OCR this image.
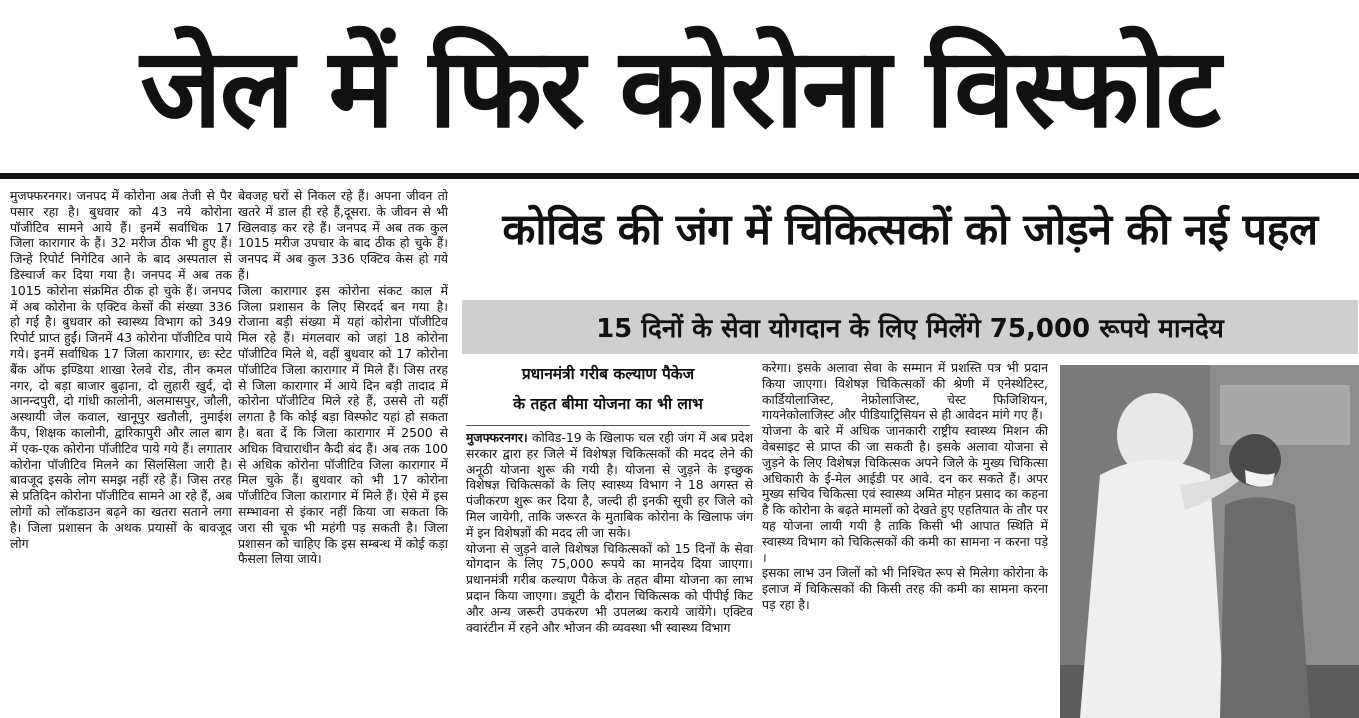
जेल में फिर कोरोना विस्फोट

मुजफ्फरनगर। जनपद में कोरोना अब तेजी से पैर पसार रहा है। बुधवार को 43 नये कोरोना पॉजीटिव सामने आये हैं। इनमें सर्वाधिक 17 जिला कारागार के हैं। 32 मरीज ठीक भी हुए हैं। जिन्हे रिपोर्ट निगेटिव आने के बाद अस्पताल से डिस्चार्ज कर दिया गया है। जनपद में अब तक 1015 कोरोना संक्रमित ठीक हो चुके हैं। जनपद में अब कोरोना के एक्टिव केसों की संख्या 336 हो गई है। बुधवार को स्वास्थ्य विभाग को 349 रिपोर्ट प्राप्त हुईं। जिनमें 43 कोरोना पॉजीटिव पाये गये। इनमें सर्वाधिक 17 जिला कारागार, छः स्टेट बैंक ऑफ इण्डिया शाखा रेलवे रोड, तीन कमल नगर, दो बड़ा बाजार बुढ़ाना, दो लुहारी खुर्द, दो आनन्दपुरी, दो गांधी कालोनी, अलमासपुर, जौली, अस्थायी जेल कवाल, खानूपुर खतौली, नुमाईश कैंप, शिक्षक कालोनी, द्वारिकापुरी और लाल बाग में एक-एक कोरोना पॉजीटिव पाये गये हैं। लगातार कोरोना पॉजीटिव मिलने का सिलसिला जारी है। बावजूद इसके लोग समझ नहीं रहे हैं। जिस तरह से प्रतिदिन कोरोना पॉजीटिव सामने आ रहे हैं, अब लोगों को लॉकडाउन बढ़ने का खतरा सताने लगा है। जिला प्रशासन के अथक प्रयासों के बावजूद लोग

बेवजह घरों से निकल रहे हैं। अपना जीवन तो खतरे में डाल ही रहे हैं,दूसरा. के जीवन से भी खिलवाड़ कर रहे हैं। जनपद में अब तक कुल 1015 मरीज उपचार के बाद ठीक हो चुके हैं। जनपद में अब कुल 336 एक्टिव केस हो गये हैं।

जिला कारागार इस कोरोना संकट काल में जिला प्रशासन के लिए सिरदर्द बन गया है। रोजाना बड़ी संख्या में यहां कोरोना पॉजीटिव मिल रहे हैं। मंगलवार को जहां 18 कोरोना पॉजीटिव मिले थे, वहीं बुधवार को 17 कोरोना पॉजीटिव जिला कारागार में मिले हैं। जिस तरह से जिला कारागार में आये दिन बड़ी तादाद में कोरोना पॉजीटिव मिले रहे हैं, उससे तो यहीं लगता है कि कोई बड़ा विस्फोट यहां हो सकता है। बता दें कि जिला कारागार में 2500 से अधिक विचाराधीन कैदी बंद हैं। अब तक 100 से अधिक कोरोना पॉजीटिव जिला कारागार में मिल चुके हैं। बुधवार को भी 17 कोरोना पॉजीटिव जिला कारागार में मिले हैं। ऐसे में इस सम्भावना से इंकार नहीं किया जा सकता कि जरा सी चूक भी महंगी पड़ सकती है। जिला प्रशासन को चाहिए कि इस सम्बन्ध में कोई कड़ा फैसला लिया जाये।

कोविड की जंग में चिकित्सकों को जोड़ने की नई पहल
15 दिनों के सेवा योगदान के लिए मिलेंगे 75,000 रूपये मानदेय
प्रधानमंत्री गरीब कल्याण पैकेज
के तहत बीमा योजना का भी लाभ

मुजफ्फरनगर। कोविड-19 के खिलाफ चल रही जंग में अब प्रदेश सरकार द्वारा हर जिले में विशेषज्ञ चिकित्सकों की मदद लेने की अनूठी योजना शुरू की गयी है। योजना से जुड़ने के इच्छुक विशेषज्ञ चिकित्सकों के लिए स्वास्थ्य विभाग ने 18 अगस्त से पंजीकरण शुरू कर दिया है, जल्दी ही इनकी सूची हर जिले को मिल जायेगी, ताकि जरूरत के मुताबिक कोरोना के खिलाफ जंग में इन विशेषज्ञों की मदद ली जा सके।

योजना से जुड़ने वाले विशेषज्ञ चिकित्सकों को 15 दिनों के सेवा योगदान के लिए 75,000 रूपये का मानदेय दिया जाएगा। प्रधानमंत्री गरीब कल्याण पैकेज के तहत बीमा योजना का लाभ प्रदान किया जाएगा। ड्यूटी के दौरान चिकित्सक को पीपीई किट और अन्य जरूरी उपकरण भी उपलब्ध कराये जायेंगे। एक्टिव क्वारंटीन में रहने और भोजन की व्यवस्था भी स्वास्थ्य विभाग

करेगा। इसके अलावा सेवा के सम्मान में प्रशस्ति पत्र भी प्रदान किया जाएगा। विशेषज्ञ चिकित्सकों की श्रेणी में एनेस्थेटिस्ट, कार्डियोलाजिस्ट, नेफ्रोलाजिस्ट, चेस्ट फिजिशियन, गायनेकोलाजिस्ट और पीडियाट्रिसियन से ही आवेदन मांगे गए हैं।

योजना के बारे में अधिक जानकारी राष्ट्रीय स्वास्थ्य मिशन की वेबसाइट से प्राप्त की जा सकती है। इसके अलावा योजना से जुड़ने के लिए विशेषज्ञ चिकित्सक अपने जिले के मुख्य चिकित्सा अधिकारी के ई-मेल आईडी पर आवे. दन कर सकते हैं। अपर मुख्य सचिव चिकित्सा एवं स्वास्थ्य अमित मोहन प्रसाद का कहना है कि कोरोना के बढ़ते मामलों को देखते हुए एहतियात के तौर पर यह योजना लायी गयी है ताकि किसी भी आपात स्थिति में स्वास्थ्य विभाग को चिकित्सकों की कमी का सामना न करना पड़े ।

इसका लाभ उन जिलों को भी निश्चित रूप से मिलेगा कोरोना के इलाज में चिकित्सकों की किसी तरह की कमी का सामना करना पड़ रहा है।
